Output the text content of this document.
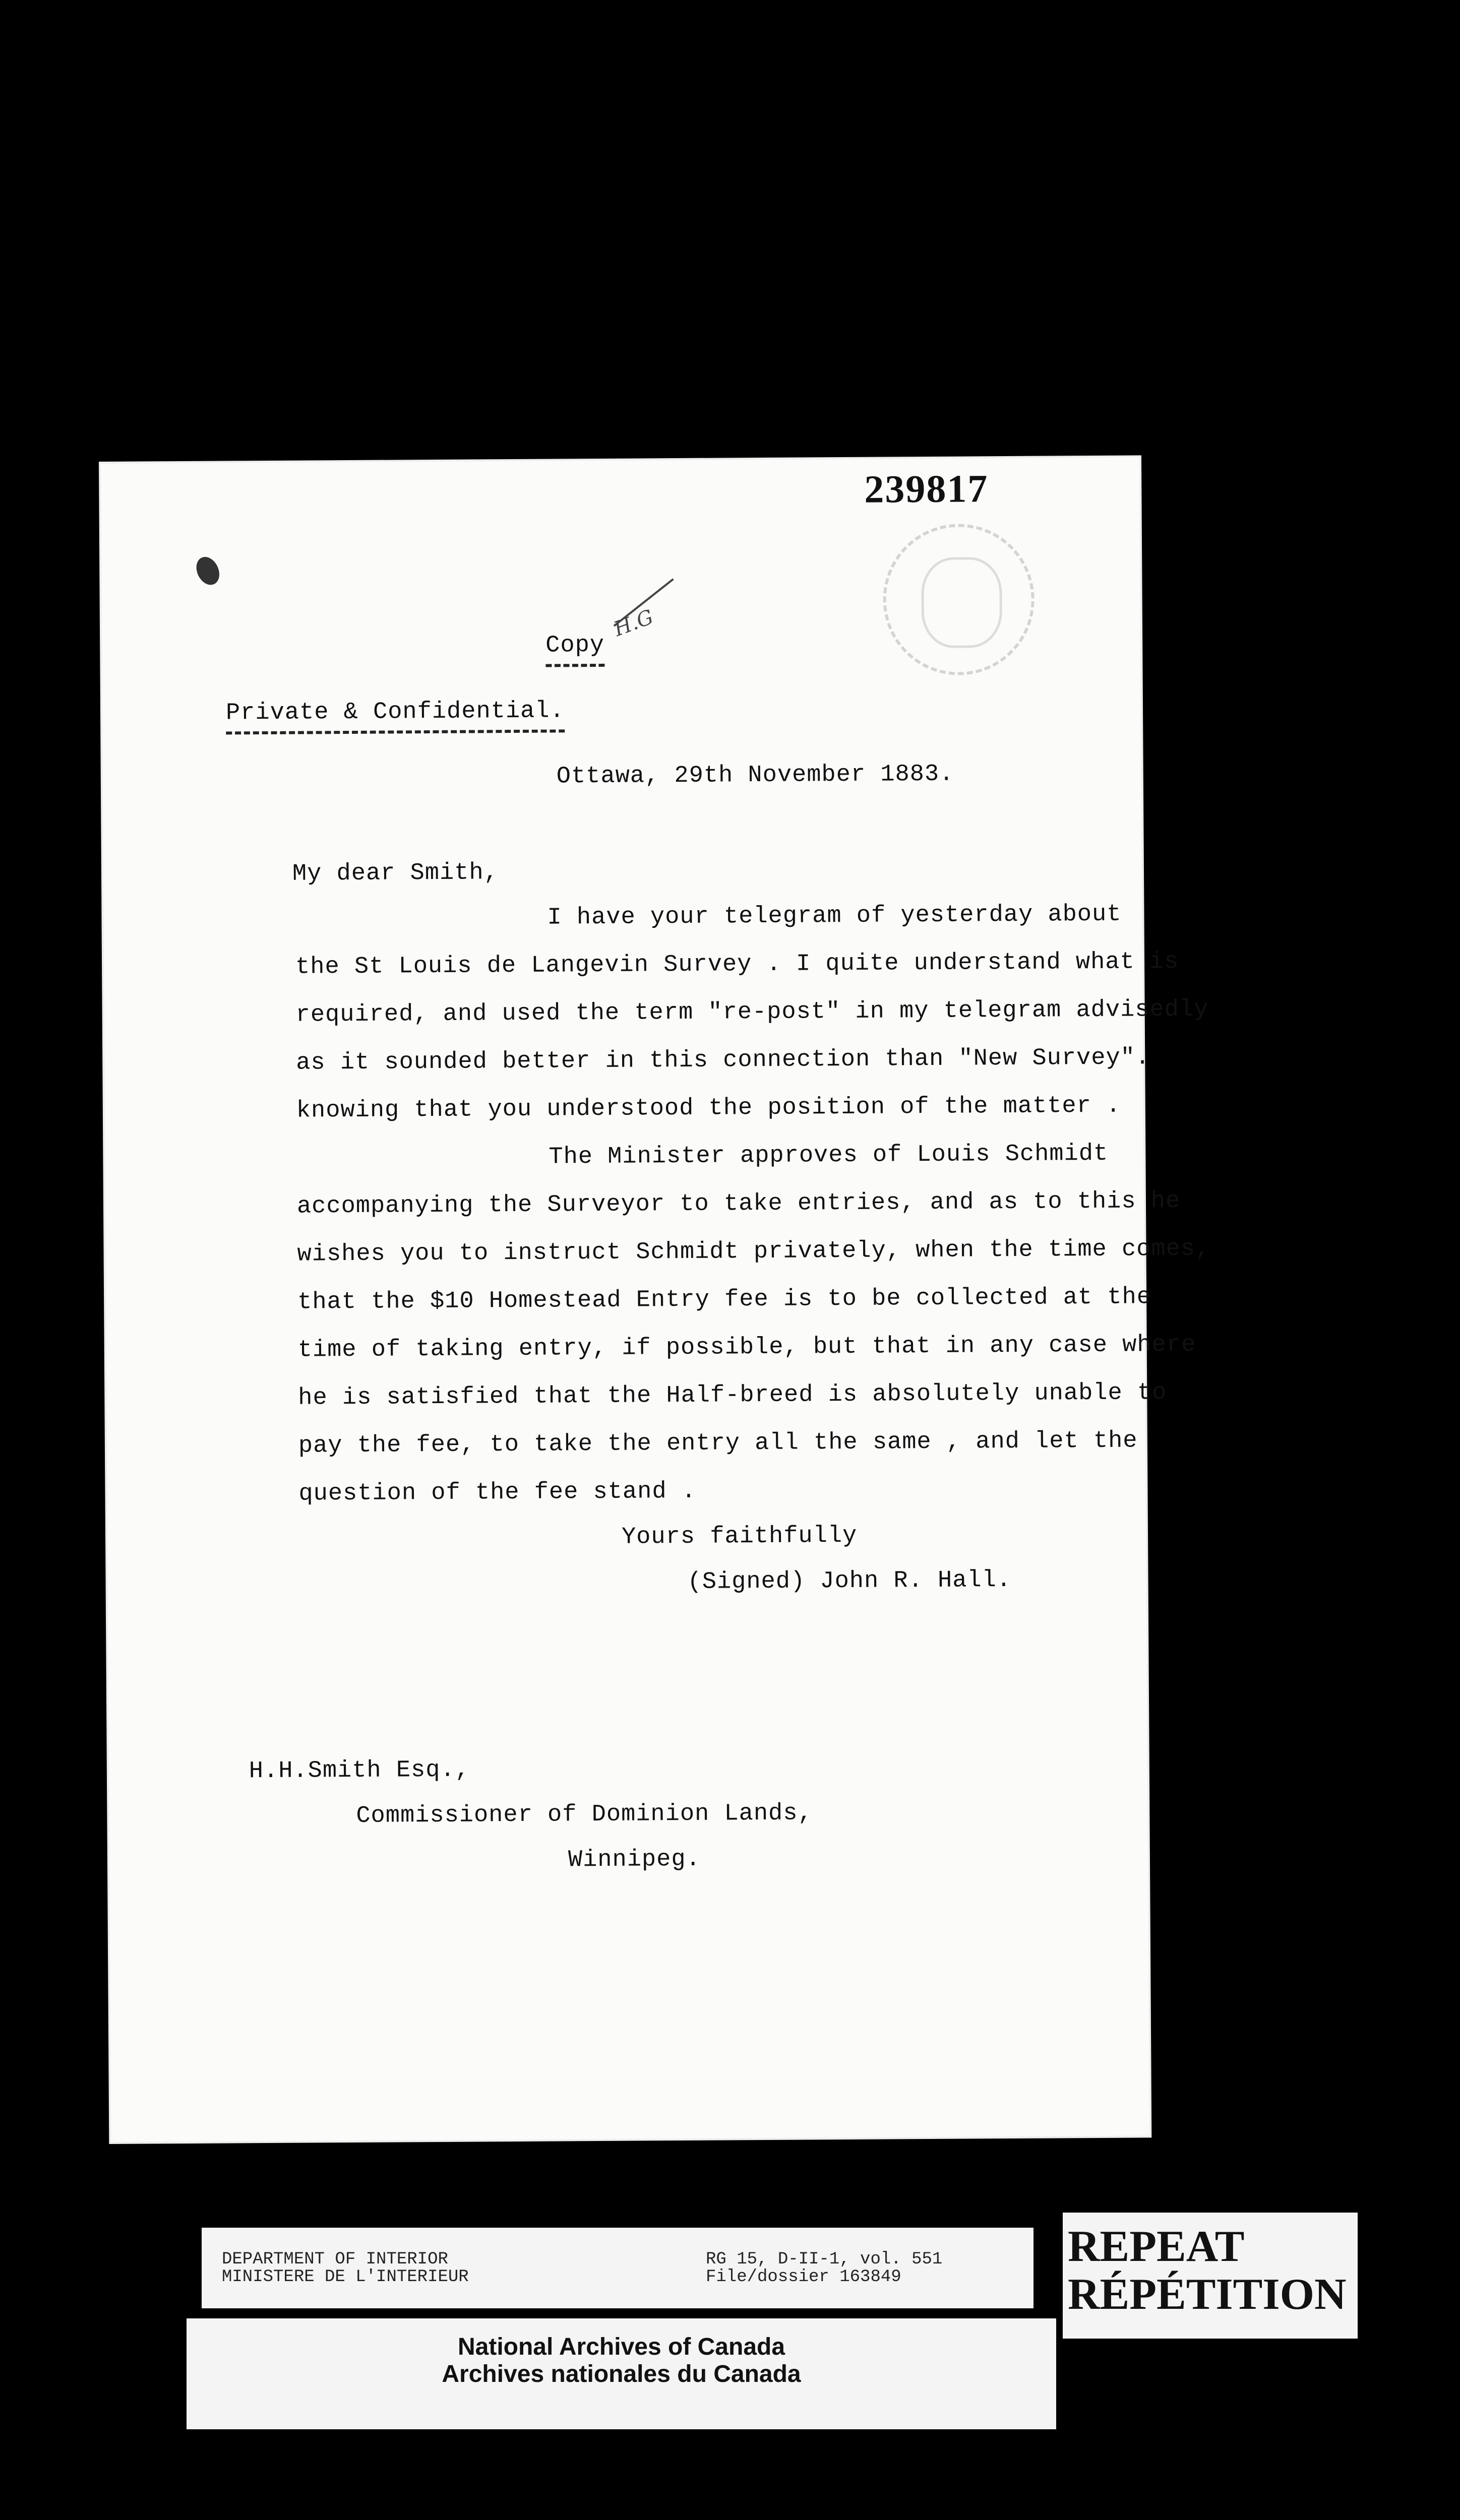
239817
Copy
H.G
Private & Confidential.
Ottawa, 29th November 1883.
My dear Smith,
I have your telegram of yesterday about
the St Louis de Langevin Survey . I quite understand what is
required, and used the term "re-post" in my telegram advisedly
as it sounded better in this connection than "New Survey".
knowing that you understood the position of the matter .
The Minister approves of Louis Schmidt
accompanying the Surveyor to take entries, and as to this he
wishes you to instruct Schmidt privately, when the time comes,
that the $10 Homestead Entry fee is to be collected at the
time of taking entry, if possible, but that in any case where
he is satisfied that the Half-breed is absolutely unable to
pay the fee, to take the entry all the same , and let the
question of the fee stand .
Yours faithfully
(Signed) John R. Hall.
H.H.Smith Esq.,
Commissioner of Dominion Lands,
Winnipeg.
DEPARTMENT OF INTERIOR
MINISTERE DE L'INTERIEUR
RG 15, D-II-1, vol. 551
File/dossier 163849
National Archives of Canada
Archives nationales du Canada
REPEAT
RÉPÉTITION
